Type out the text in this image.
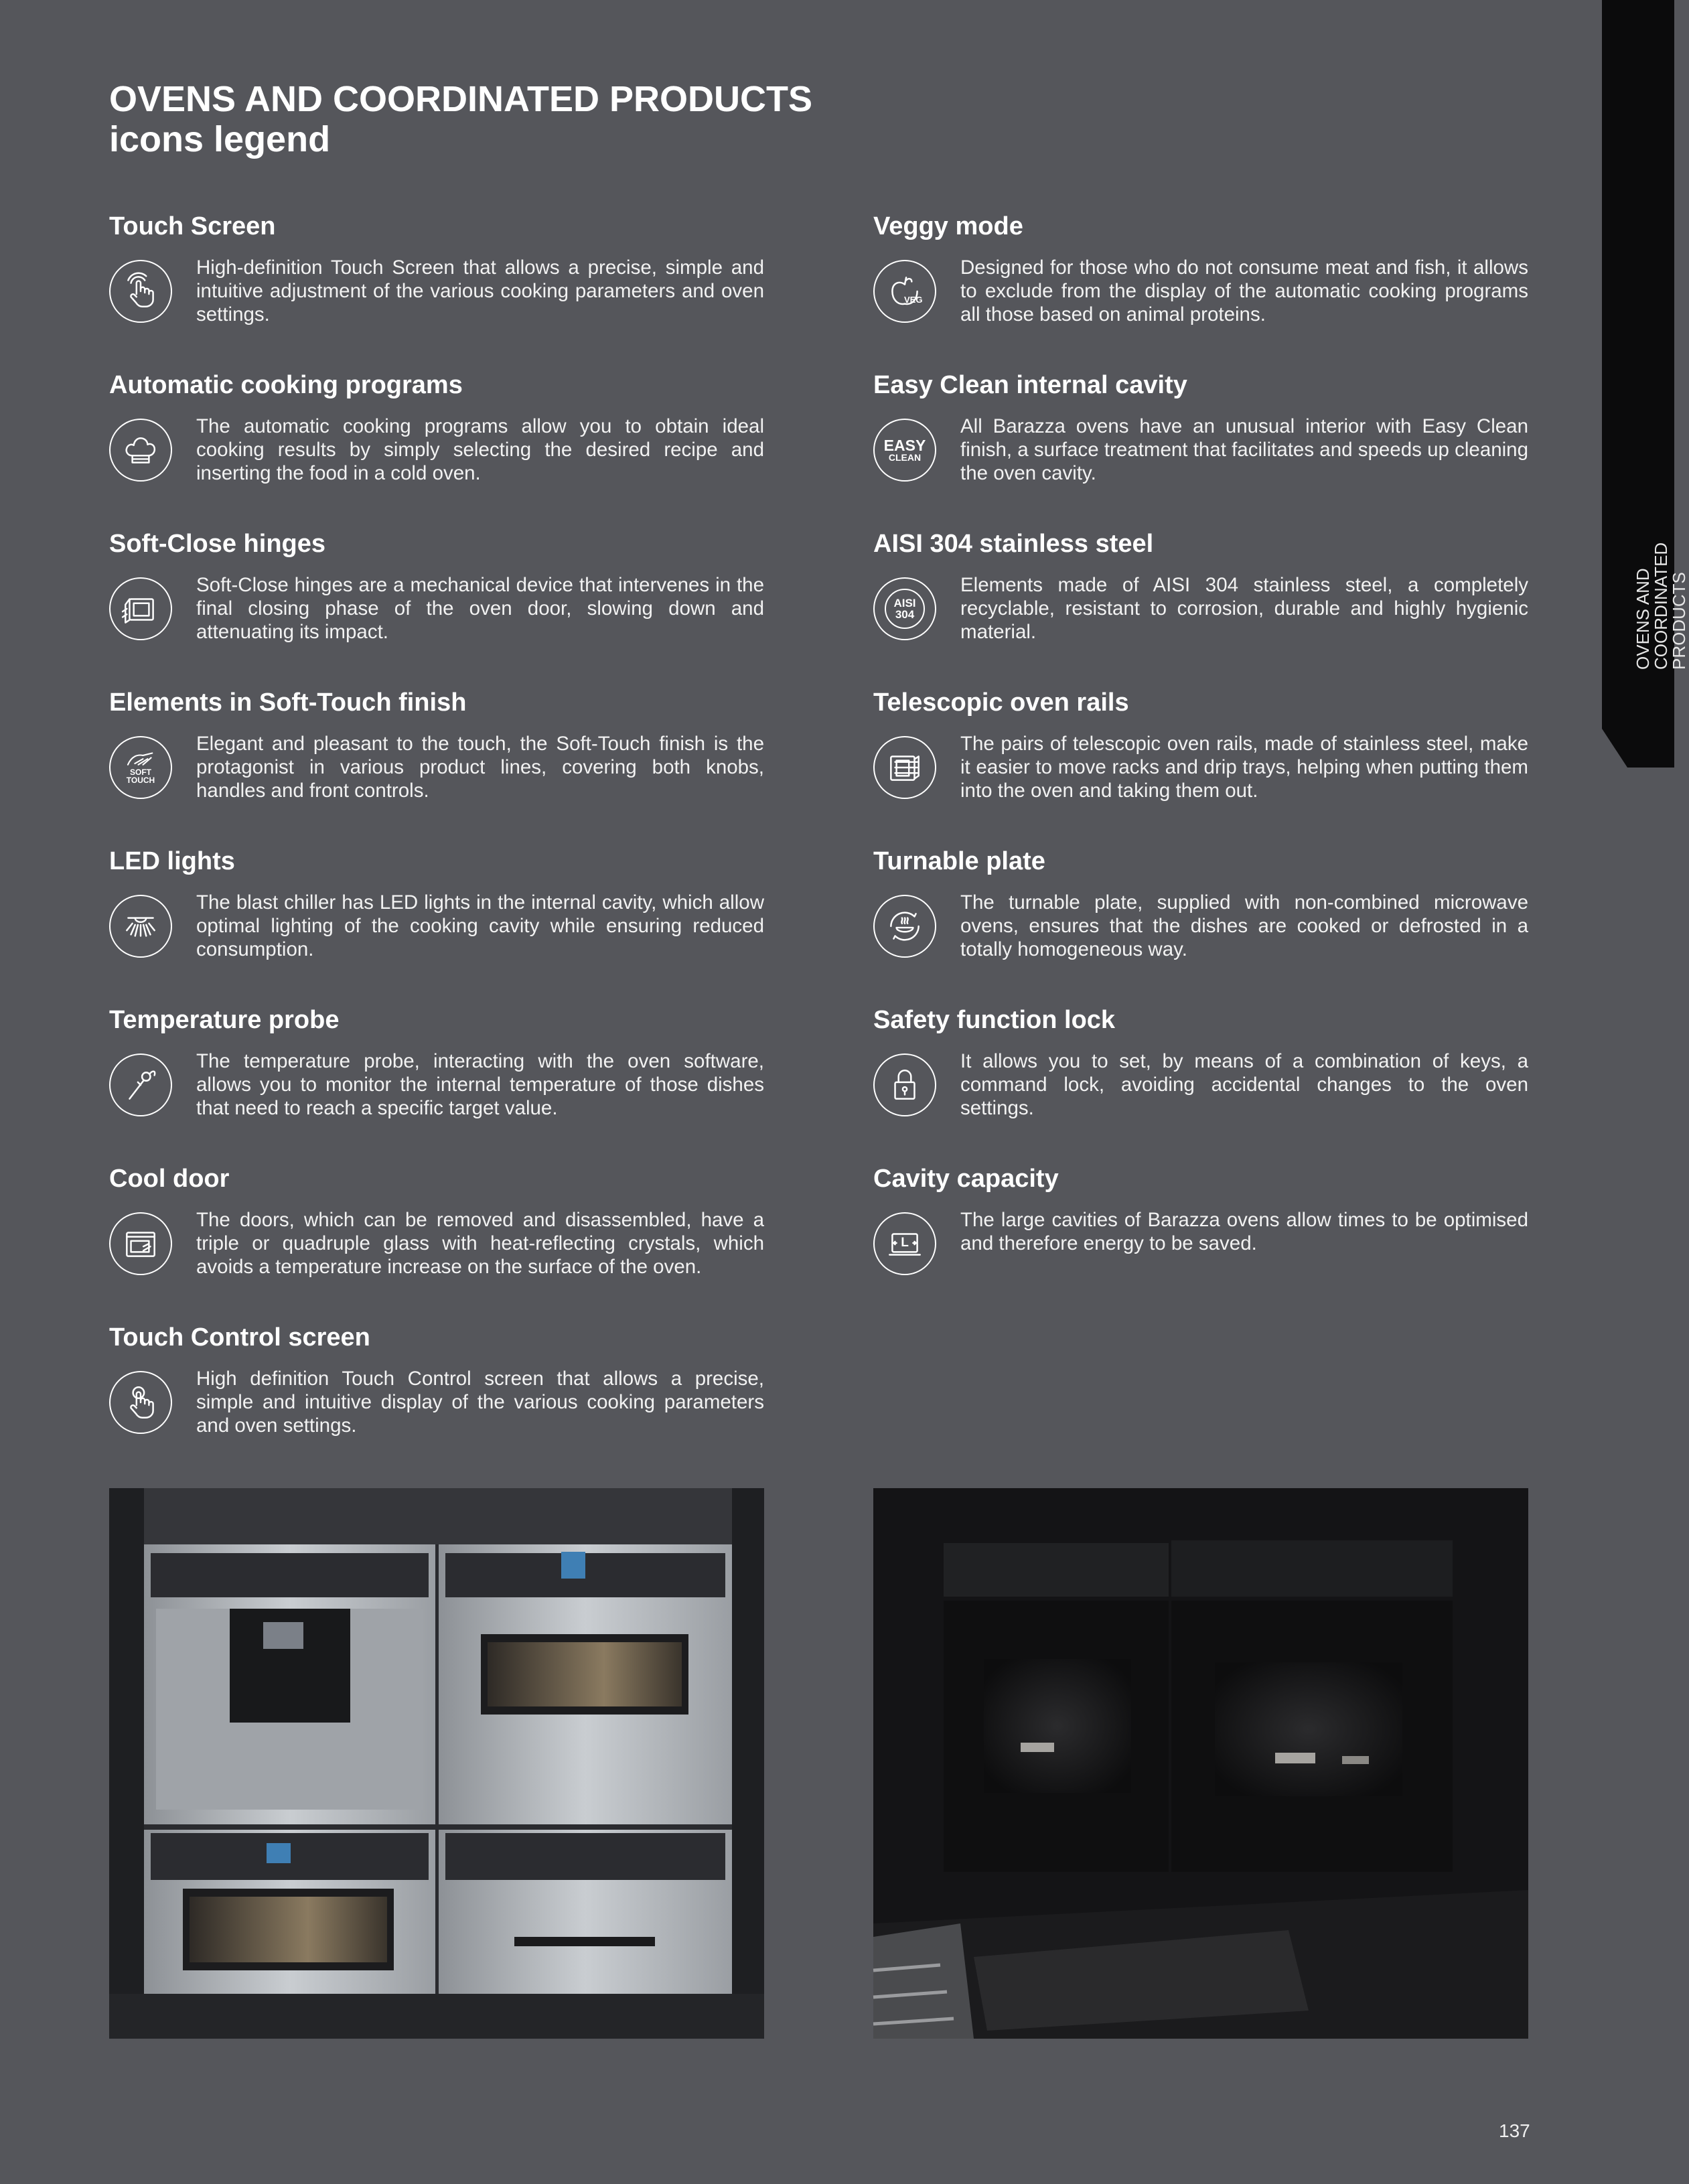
OVENS AND COORDINATED PRODUCTS
icons legend
OVENS AND
COORDINATED
PRODUCTS
Touch Screen

High-definition Touch Screen that allows a precise, simple and intuitive adjustment of the various cooking parameters and oven settings.

Automatic cooking programs

The automatic cooking programs allow you to obtain ideal cooking results by simply selecting the desired recipe and inserting the food in a cold oven.

Soft-Close hinges

Soft-Close hinges are a mechanical device that intervenes in the final closing phase of the oven door, slowing down and attenuating its impact.

Elements in Soft-Touch finish
SOFT
TOUCH

Elegant and pleasant to the touch, the Soft-Touch finish is the protagonist in various product lines, covering both knobs, handles and front controls.

LED lights

The blast chiller has LED lights in the internal cavity, which allow optimal lighting of the cooking cavity while ensuring reduced consumption.

Temperature probe

The temperature probe, interacting with the oven software, allows you to monitor the internal temperature of those dishes that need to reach a specific target value.

Cool door

The doors, which can be removed and disassembled, have a triple or quadruple glass with heat-reflecting crystals, which avoids a temperature increase on the surface of the oven.

Touch Control screen

High definition Touch Control screen that allows a precise, simple and intuitive display of the various cooking parameters and oven settings.

Veggy mode
VEG

Designed for those who do not consume meat and fish, it allows to exclude from the display of the automatic cooking programs all those based on animal proteins.

Easy Clean internal cavity
EASY
CLEAN

All Barazza ovens have an unusual interior with Easy Clean finish, a surface treatment that facilitates and speeds up cleaning the oven cavity.

AISI 304 stainless steel
AISI
304

Elements made of AISI 304 stainless steel, a completely recyclable, resistant to corrosion, durable and highly hygienic material.

Telescopic oven rails

The pairs of telescopic oven rails, made of stainless steel, make it easier to move racks and drip trays, helping when putting them into the oven and taking them out.

Turnable plate

The turnable plate, supplied with non-combined microwave ovens, ensures that the dishes are cooked or defrosted in a totally homogeneous way.

Safety function lock

It allows you to set, by means of a combination of keys, a command lock, avoiding accidental changes to the oven settings.

Cavity capacity
L

The large cavities of Barazza ovens allow times to be optimised and therefore energy to be saved.

137
